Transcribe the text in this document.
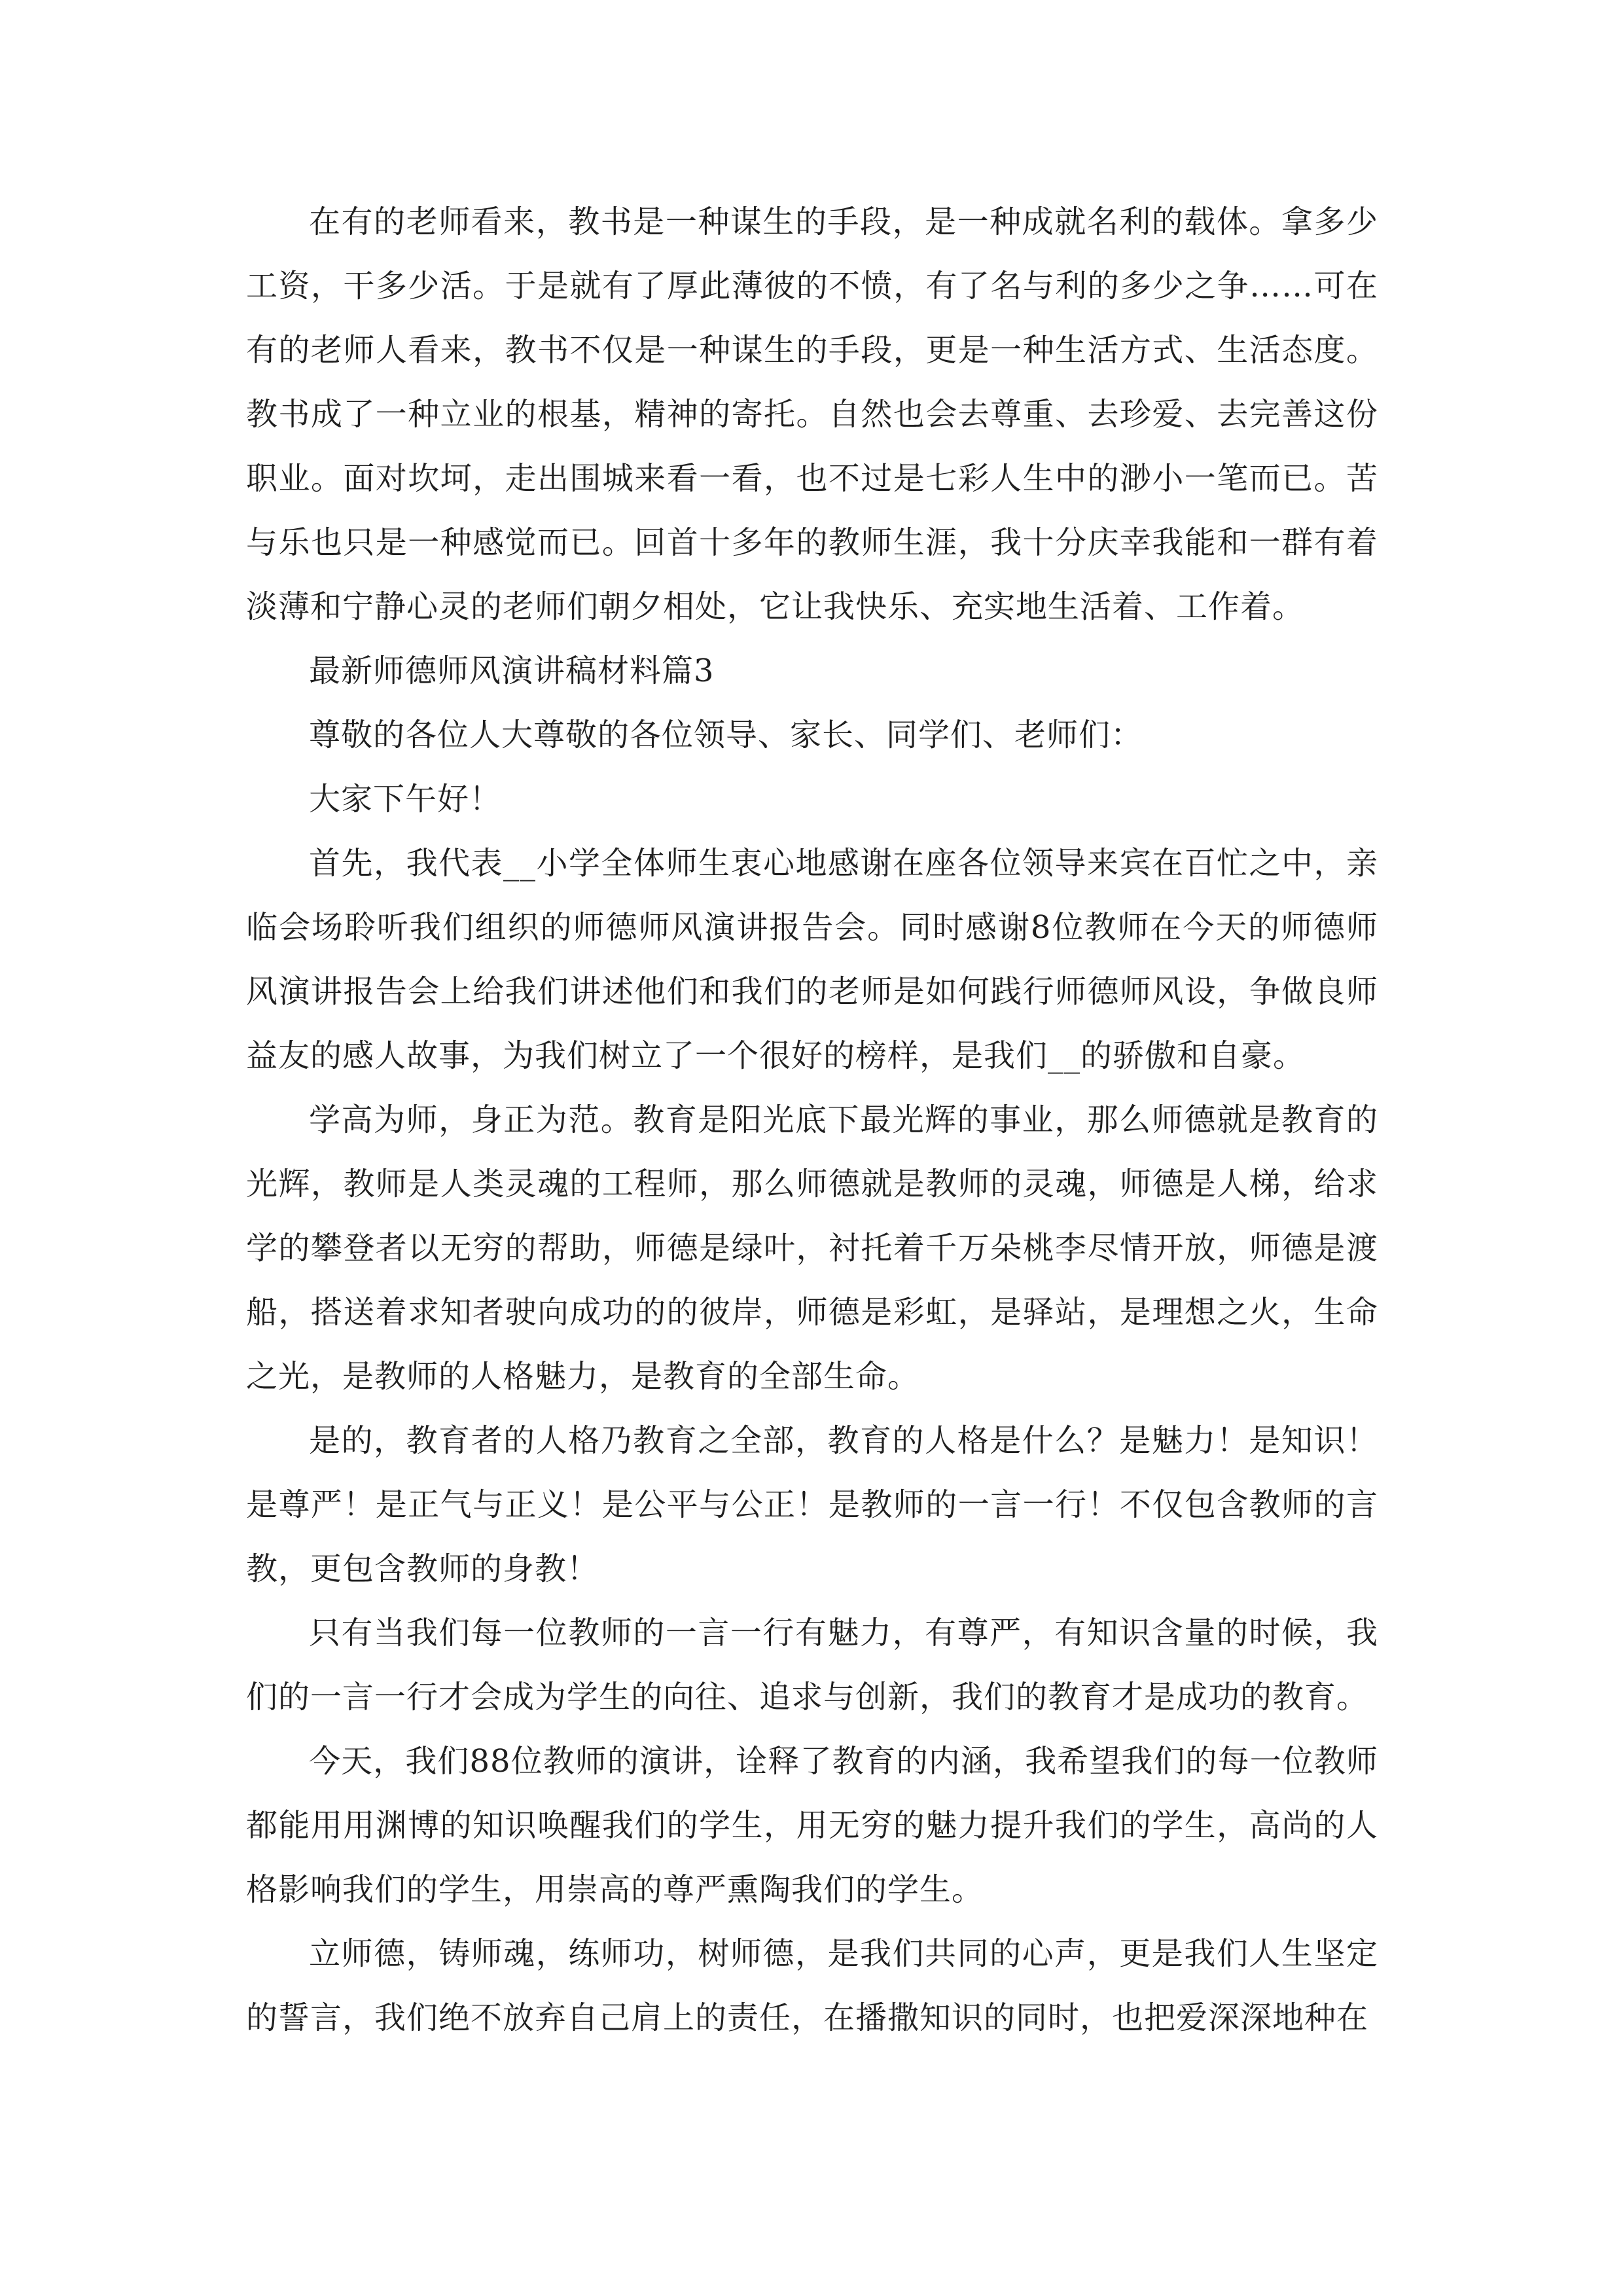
在有的老师看来，教书是一种谋生的手段，是一种成就名利的载体。拿多少工资，干多少活。于是就有了厚此薄彼的不愤，有了名与利的多少之争……可在有的老师人看来，教书不仅是一种谋生的手段，更是一种生活方式、生活态度。教书成了一种立业的根基，精神的寄托。自然也会去尊重、去珍爱、去完善这份职业。面对坎坷，走出围城来看一看，也不过是七彩人生中的渺小一笔而已。苦与乐也只是一种感觉而已。回首十多年的教师生涯，我十分庆幸我能和一群有着淡薄和宁静心灵的老师们朝夕相处，它让我快乐、充实地生活着、工作着。

最新师德师风演讲稿材料篇3

尊敬的各位人大尊敬的各位领导、家长、同学们、老师们：

大家下午好！

首先，我代表__小学全体师生衷心地感谢在座各位领导来宾在百忙之中，亲临会场聆听我们组织的师德师风演讲报告会。同时感谢8位教师在今天的师德师风演讲报告会上给我们讲述他们和我们的老师是如何践行师德师风设，争做良师益友的感人故事，为我们树立了一个很好的榜样，是我们__的骄傲和自豪。

学高为师，身正为范。教育是阳光底下最光辉的事业，那么师德就是教育的光辉，教师是人类灵魂的工程师，那么师德就是教师的灵魂，师德是人梯，给求学的攀登者以无穷的帮助，师德是绿叶，衬托着千万朵桃李尽情开放，师德是渡船，搭送着求知者驶向成功的的彼岸，师德是彩虹，是驿站，是理想之火，生命之光，是教师的人格魅力，是教育的全部生命。

是的，教育者的人格乃教育之全部，教育的人格是什么？是魅力！是知识！是尊严！是正气与正义！是公平与公正！是教师的一言一行！不仅包含教师的言教，更包含教师的身教！

只有当我们每一位教师的一言一行有魅力，有尊严，有知识含量的时候，我们的一言一行才会成为学生的向往、追求与创新，我们的教育才是成功的教育。

今天，我们88位教师的演讲，诠释了教育的内涵，我希望我们的每一位教师都能用用渊博的知识唤醒我们的学生，用无穷的魅力提升我们的学生，高尚的人格影响我们的学生，用崇高的尊严熏陶我们的学生。

立师德，铸师魂，练师功，树师德，是我们共同的心声，更是我们人生坚定的誓言，我们绝不放弃自己肩上的责任，在播撒知识的同时，也把爱深深地种在
